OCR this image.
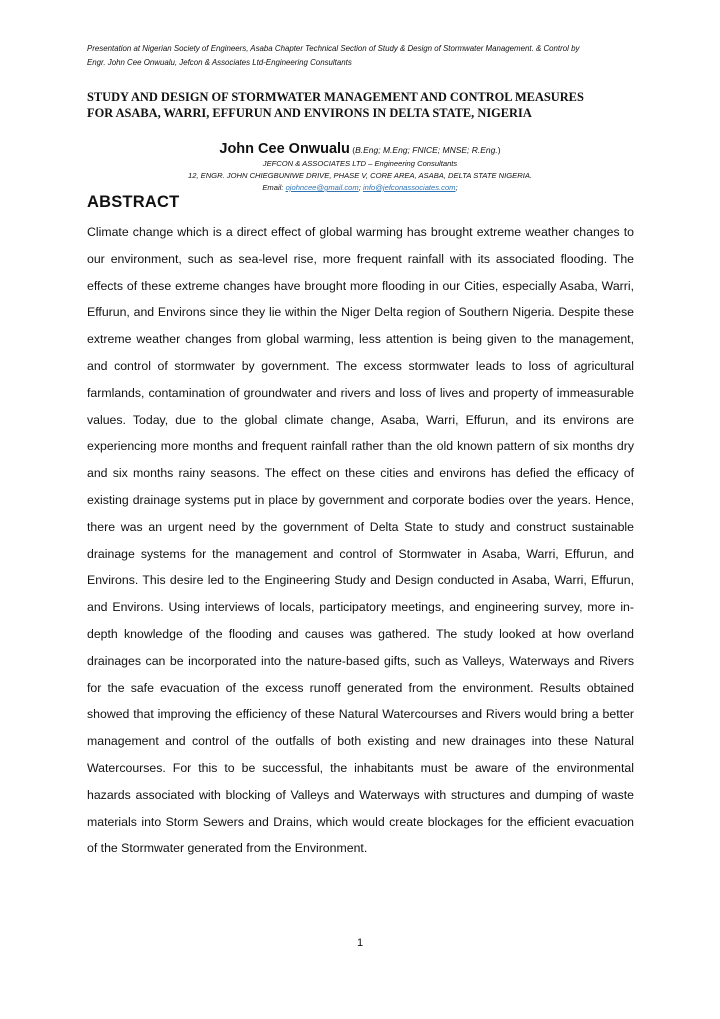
Presentation at Nigerian Society of Engineers, Asaba Chapter Technical Section of Study & Design of Stormwater Management. & Control by
Engr. John Cee Onwualu, Jefcon & Associates Ltd-Engineering Consultants
STUDY AND DESIGN OF STORMWATER MANAGEMENT AND CONTROL MEASURES
FOR ASABA, WARRI, EFFURUN AND ENVIRONS IN DELTA STATE, NIGERIA
John Cee Onwualu (B.Eng; M.Eng; FNICE; MNSE; R.Eng.)
JEFCON & ASSOCIATES LTD – Engineering Consultants
12, ENGR. JOHN CHIEGBUNIWE DRIVE, PHASE V, CORE AREA, ASABA, DELTA STATE NIGERIA.
Email: ojohncee@gmail.com; info@jefconassociates.com;
ABSTRACT
Climate change which is a direct effect of global warming has brought extreme weather changes to our environment, such as sea-level rise, more frequent rainfall with its associated flooding. The effects of these extreme changes have brought more flooding in our Cities, especially Asaba, Warri, Effurun, and Environs since they lie within the Niger Delta region of Southern Nigeria. Despite these extreme weather changes from global warming, less attention is being given to the management, and control of stormwater by government. The excess stormwater leads to loss of agricultural farmlands, contamination of groundwater and rivers and loss of lives and property of immeasurable values. Today, due to the global climate change, Asaba, Warri, Effurun, and its environs are experiencing more months and frequent rainfall rather than the old known pattern of six months dry and six months rainy seasons. The effect on these cities and environs has defied the efficacy of existing drainage systems put in place by government and corporate bodies over the years. Hence, there was an urgent need by the government of Delta State to study and construct sustainable drainage systems for the management and control of Stormwater in Asaba, Warri, Effurun, and Environs. This desire led to the Engineering Study and Design conducted in Asaba, Warri, Effurun, and Environs. Using interviews of locals, participatory meetings, and engineering survey, more in-depth knowledge of the flooding and causes was gathered. The study looked at how overland drainages can be incorporated into the nature-based gifts, such as Valleys, Waterways and Rivers for the safe evacuation of the excess runoff generated from the environment. Results obtained showed that improving the efficiency of these Natural Watercourses and Rivers would bring a better management and control of the outfalls of both existing and new drainages into these Natural Watercourses. For this to be successful, the inhabitants must be aware of the environmental hazards associated with blocking of Valleys and Waterways with structures and dumping of waste materials into Storm Sewers and Drains, which would create blockages for the efficient evacuation of the Stormwater generated from the Environment.
1
